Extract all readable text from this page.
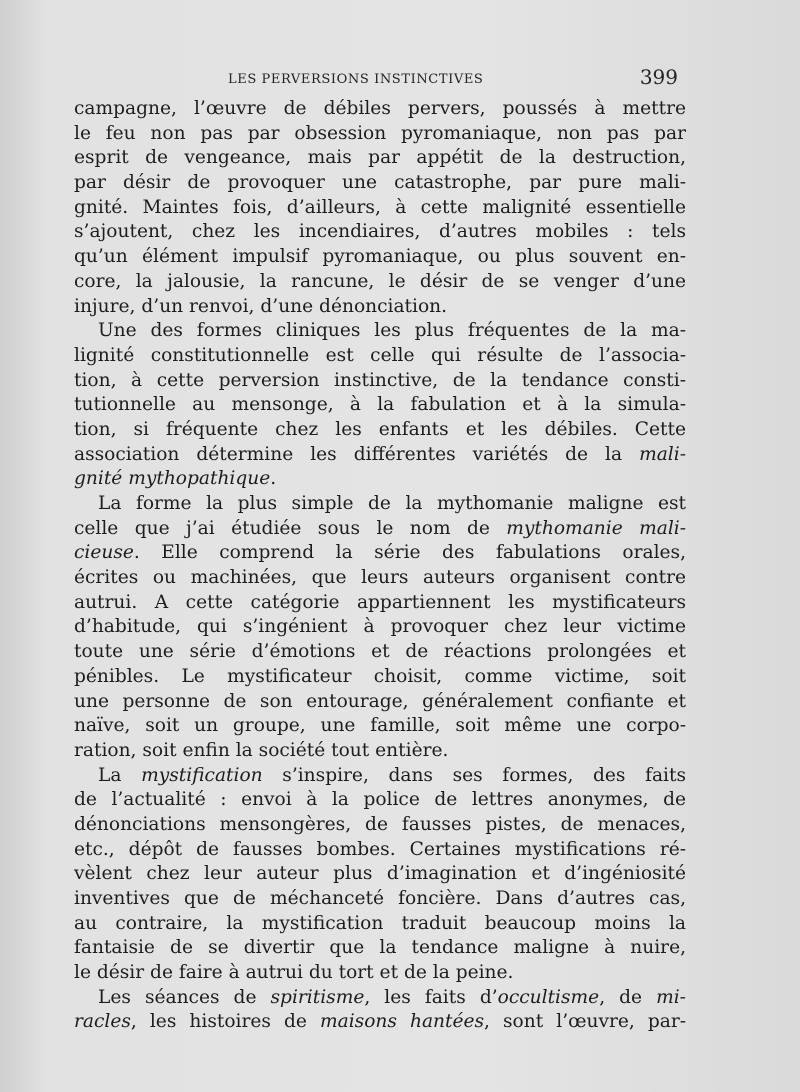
LES PERVERSIONS INSTINCTIVES	399
campagne, l’œuvre de débiles pervers, poussés à mettre
le feu non pas par obsession pyromaniaque, non pas par
esprit de vengeance, mais par appétit de la destruction,
par désir de provoquer une catastrophe, par pure mali-
gnité. Maintes fois, d’ailleurs, à cette malignité essentielle
s’ajoutent, chez les incendiaires, d’autres mobiles : tels
qu’un élément impulsif pyromaniaque, ou plus souvent en-
core, la jalousie, la rancune, le désir de se venger d’une
injure, d’un renvoi, d’une dénonciation.
Une des formes cliniques les plus fréquentes de la ma-
lignité constitutionnelle est celle qui résulte de l’associa-
tion, à cette perversion instinctive, de la tendance consti-
tutionnelle au mensonge, à la fabulation et à la simula-
tion, si fréquente chez les enfants et les débiles. Cette
association détermine les différentes variétés de la mali-
gnité mythopathique.
La forme la plus simple de la mythomanie maligne est
celle que j’ai étudiée sous le nom de mythomanie mali-
cieuse. Elle comprend la série des fabulations orales,
écrites ou machinées, que leurs auteurs organisent contre
autrui. A cette catégorie appartiennent les mystificateurs
d’habitude, qui s’ingénient à provoquer chez leur victime
toute une série d’émotions et de réactions prolongées et
pénibles. Le mystificateur choisit, comme victime, soit
une personne de son entourage, généralement confiante et
naïve, soit un groupe, une famille, soit même une corpo-
ration, soit enfin la société tout entière.
La mystification s’inspire, dans ses formes, des faits
de l’actualité : envoi à la police de lettres anonymes, de
dénonciations mensongères, de fausses pistes, de menaces,
etc., dépôt de fausses bombes. Certaines mystifications ré-
vèlent chez leur auteur plus d’imagination et d’ingéniosité
inventives que de méchanceté foncière. Dans d’autres cas,
au contraire, la mystification traduit beaucoup moins la
fantaisie de se divertir que la tendance maligne à nuire,
le désir de faire à autrui du tort et de la peine.
Les séances de spiritisme, les faits d’occultisme, de mi-
racles, les histoires de maisons hantées, sont l’œuvre, par-
